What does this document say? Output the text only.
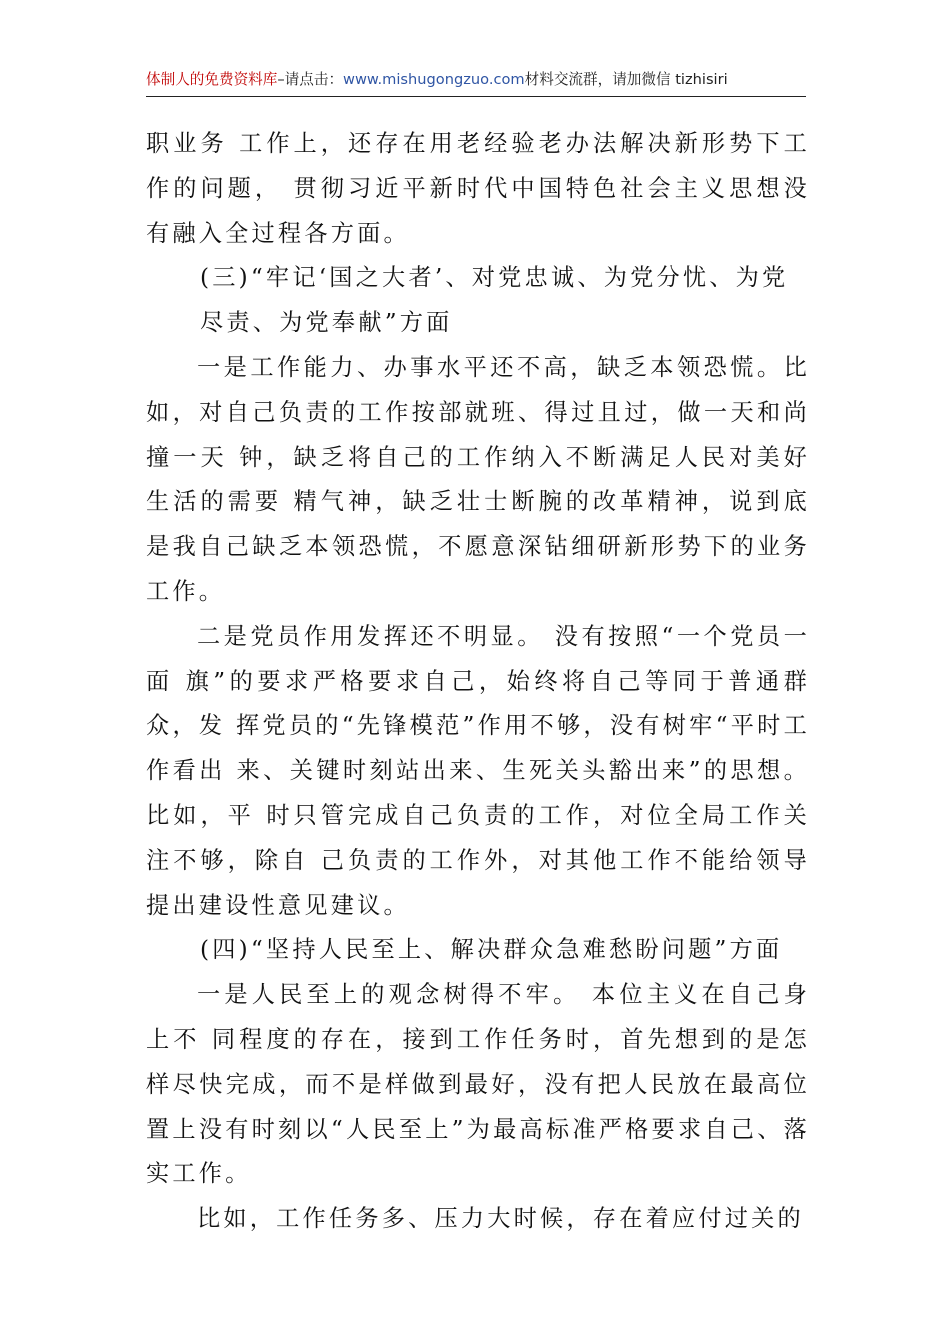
体制人的免费资料库–请点击：www.mishugongzuo.com材料交流群，请加微信 tizhisiri

职业务 工作上，还存在用老经验老办法解决新形势下工作的问题， 贯彻习近平新时代中国特色社会主义思想没有融入全过程各方面。

(三)“牢记‘国之大者’、对党忠诚、为党分忧、为党尽责、为党奉献”方面

一是工作能力、办事水平还不高，缺乏本领恐慌。比如，对自己负责的工作按部就班、得过且过，做一天和尚撞一天 钟，缺乏将自己的工作纳入不断满足人民对美好生活的需要 精气神，缺乏壮士断腕的改革精神，说到底是我自己缺乏本领恐慌，不愿意深钻细研新形势下的业务工作。

二是党员作用发挥还不明显。 没有按照“一个党员一面 旗”的要求严格要求自己，始终将自己等同于普通群众，发 挥党员的“先锋模范”作用不够，没有树牢“平时工作看出 来、关键时刻站出来、生死关头豁出来”的思想。比如，平 时只管完成自己负责的工作，对位全局工作关注不够，除自 己负责的工作外，对其他工作不能给领导提出建设性意见建议。

(四)“坚持人民至上、解决群众急难愁盼问题”方面

一是人民至上的观念树得不牢。 本位主义在自己身上不 同程度的存在，接到工作任务时，首先想到的是怎样尽快完成，而不是样做到最好，没有把人民放在最高位置上没有时刻以“人民至上”为最高标准严格要求自己、落实工作。

比如，工作任务多、压力大时候，存在着应付过关的
